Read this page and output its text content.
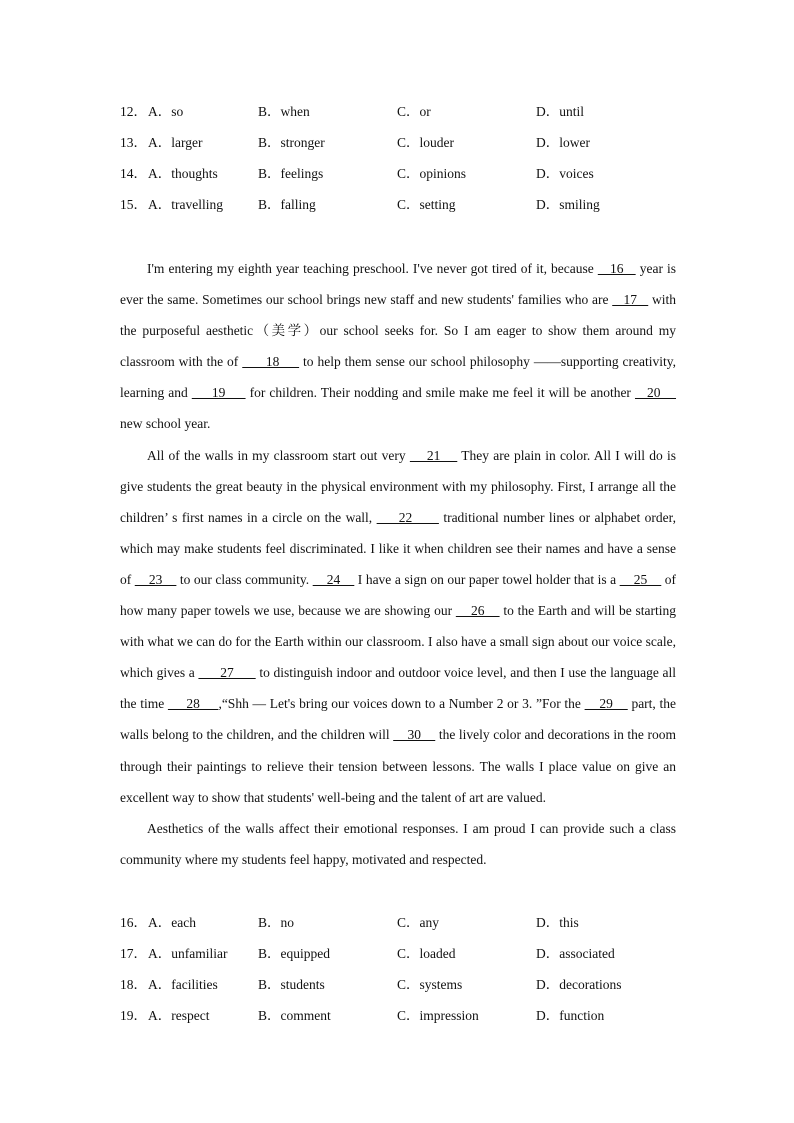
12． A．so	B．when	C．or	D．until
13． A．larger	B．stronger	C．louder	D．lower
14． A．thoughts	B．feelings	C．opinions	D．voices
15． A．travelling	B．falling	C．setting	D．smiling

I'm entering my eighth year teaching preschool. I've never got tired of it, because    16    year is ever the same. Sometimes our school brings new staff and new students' families who are    17    with the purposeful aesthetic（美学）our school seeks for. So I am eager to show them around my classroom with the of       18      to help them sense our school philosophy ——supporting creativity, learning and      19      for children. Their nodding and smile make me feel it will be another    20     new school year.

All of the walls in my classroom start out very     21     They are plain in color. All I will do is give students the great beauty in the physical environment with my philosophy. First, I arrange all the children’ s first names in a circle on the wall,      22       traditional number lines or alphabet order, which may make students feel discriminated. I like it when children see their names and have a sense of     23     to our class community.     24     I have a sign on our paper towel holder that is a     25     of how many paper towels we use, because we are showing our     26     to the Earth and will be starting with what we can do for the Earth within our classroom. I also have a small sign about our voice scale, which gives a       27       to distinguish indoor and outdoor voice level, and then I use the language all the time      28     ,“Shh — Let's bring our voices down to a Number 2 or 3. ”For the     29     part, the walls belong to the children, and the children will     30     the lively color and decorations in the room through their paintings to relieve their tension between lessons. The walls I place value on give an excellent way to show that students' well-being and the talent of art are valued.

Aesthetics of the walls affect their emotional responses. I am proud I can provide such a class community where my students feel happy, motivated and respected.

16． A．each	B．no	C．any	D．this
17． A．unfamiliar B．equipped	C．loaded	D．associated
18． A．facilities	B．students	C．systems	D．decorations
19． A．respect	B．comment	C．impression	D．function
